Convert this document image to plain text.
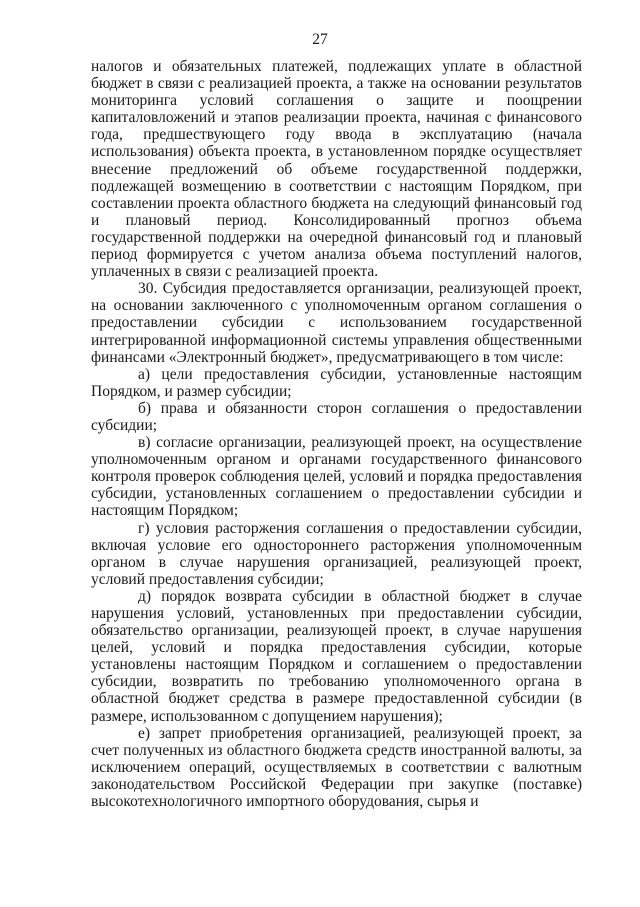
27

налогов и обязательных платежей, подлежащих уплате в областной бюджет в связи с реализацией проекта, а также на основании результатов мониторинга условий соглашения о защите и поощрении капиталовложений и этапов реализации проекта, начиная с финансового года, предшествующего году ввода в эксплуатацию (начала использования) объекта проекта, в установленном порядке осуществляет внесение предложений об объеме государственной поддержки, подлежащей возмещению в соответствии с настоящим Порядком, при составлении проекта областного бюджета на следующий финансовый год и плановый период. Консолидированный прогноз объема государственной поддержки на очередной финансовый год и плановый период формируется с учетом анализа объема поступлений налогов, уплаченных в связи с реализацией проекта.

30. Субсидия предоставляется организации, реализующей проект, на основании заключенного с уполномоченным органом соглашения о предоставлении субсидии с использованием государственной интегрированной информационной системы управления общественными финансами «Электронный бюджет», предусматривающего в том числе:

а) цели предоставления субсидии, установленные настоящим Порядком, и размер субсидии;

б) права и обязанности сторон соглашения о предоставлении субсидии;

в) согласие организации, реализующей проект, на осуществление уполномоченным органом и органами государственного финансового контроля проверок соблюдения целей, условий и порядка предоставления субсидии, установленных соглашением о предоставлении субсидии и настоящим Порядком;

г) условия расторжения соглашения о предоставлении субсидии, включая условие его одностороннего расторжения уполномоченным органом в случае нарушения организацией, реализующей проект, условий предоставления субсидии;

д) порядок возврата субсидии в областной бюджет в случае нарушения условий, установленных при предоставлении субсидии, обязательство организации, реализующей проект, в случае нарушения целей, условий и порядка предоставления субсидии, которые установлены настоящим Порядком и соглашением о предоставлении субсидии, возвратить по требованию уполномоченного органа в областной бюджет средства в размере предоставленной субсидии (в размере, использованном с допущением нарушения);

е) запрет приобретения организацией, реализующей проект, за счет полученных из областного бюджета средств иностранной валюты, за исключением операций, осуществляемых в соответствии с валютным законодательством Российской Федерации при закупке (поставке) высокотехнологичного импортного оборудования, сырья и
